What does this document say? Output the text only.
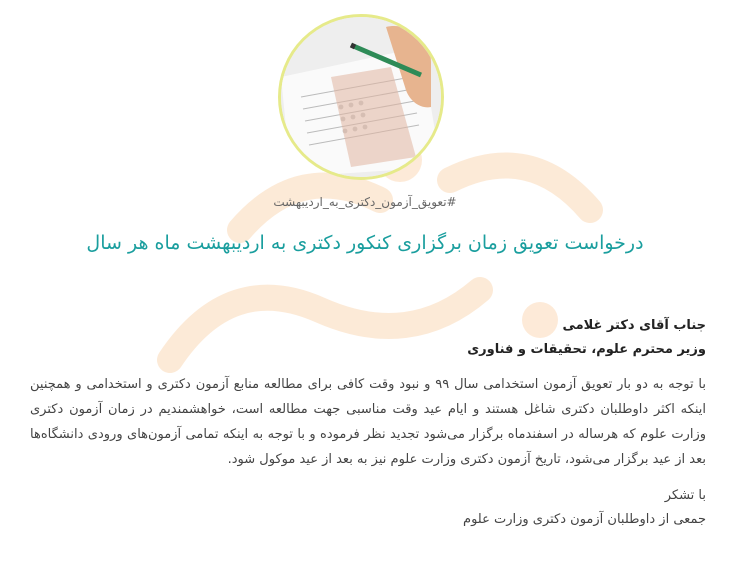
#تعویق_آزمون_دکتری_به_اردیبهشت
درخواست تعویق زمان برگزاری کنکور دکتری به اردیبهشت ماه هر سال

جناب آقای دکتر غلامی

وزیر محترم علوم، تحقیقات و فناوری

با توجه به دو بار تعویق آزمون استخدامی سال ۹۹ و نبود وقت کافی برای مطالعه منابع آزمون دکتری و استخدامی و همچنین اینکه اکثر داوطلبان دکتری شاغل هستند و ایام عید وقت مناسبی جهت مطالعه است، خواهشمندیم در زمان آزمون دکتری وزارت علوم که هرساله در اسفندماه برگزار می‌شود تجدید نظر فرموده و با توجه به اینکه تمامی آزمون‌های ورودی دانشگاه‌ها بعد از عید برگزار می‌شود، تاریخ آزمون دکتری وزارت علوم نیز به بعد از عید موکول شود.

با تشکر

جمعی از داوطلبان آزمون دکتری وزارت علوم
